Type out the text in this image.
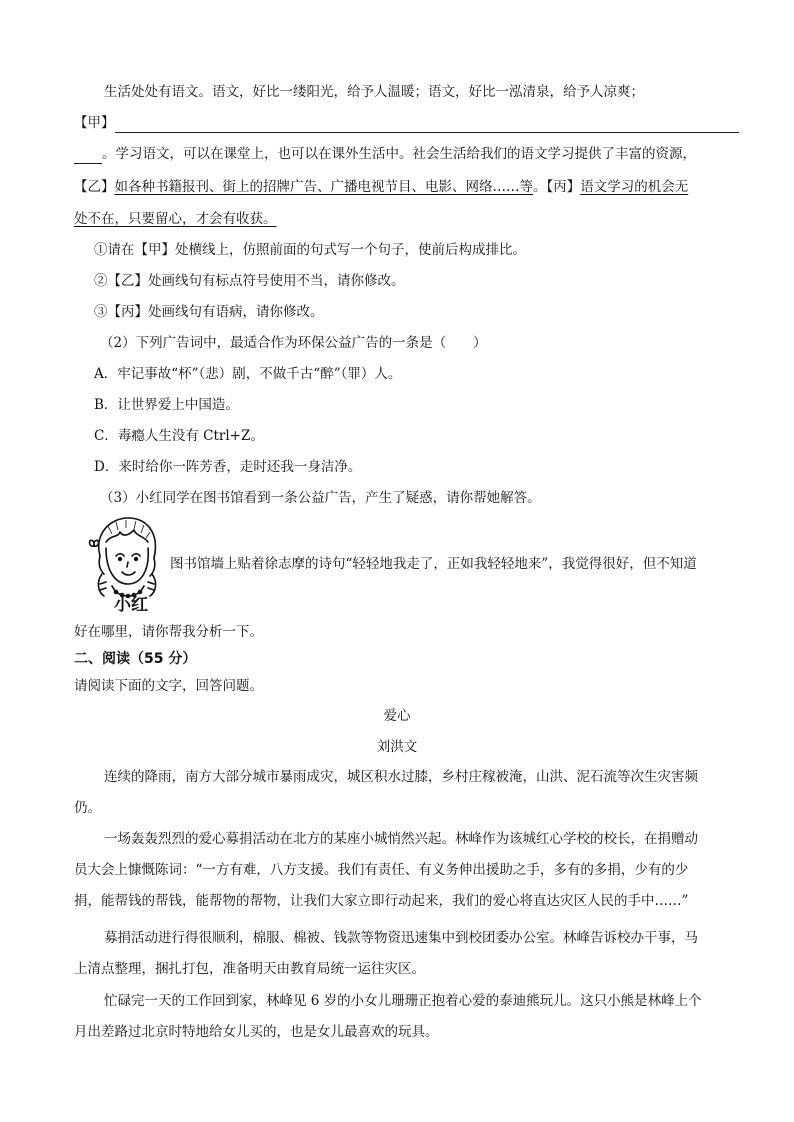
生活处处有语文。语文，好比一缕阳光，给予人温暖；语文，好比一泓清泉，给予人凉爽；
【甲】
。学习语文，可以在课堂上，也可以在课外生活中。社会生活给我们的语文学习提供了丰富的资源，
【乙】如各种书籍报刊、街上的招牌广告、广播电视节目、电影、网络……等。【丙】语文学习的机会无
处不在，只要留心，才会有收获。
①请在【甲】处横线上，仿照前面的句式写一个句子，使前后构成排比。
②【乙】处画线句有标点符号使用不当，请你修改。
③【丙】处画线句有语病，请你修改。
（2）下列广告词中，最适合作为环保公益广告的一条是（　　）
A．牢记事故“杯”（悲）剧，不做千古“醉”（罪）人。
B．让世界爱上中国造。
C．毒瘾人生没有 Ctrl+Z。
D．来时给你一阵芳香，走时还我一身洁净。
（3）小红同学在图书馆看到一条公益广告，产生了疑惑，请你帮她解答。
小红
图书馆墙上贴着徐志摩的诗句“轻轻地我走了，正如我轻轻地来”，我觉得很好，但不知道
好在哪里，请你帮我分析一下。
二、阅读（55 分）
请阅读下面的文字，回答问题。
爱心
刘洪文
连续的降雨，南方大部分城市暴雨成灾，城区积水过膝，乡村庄稼被淹，山洪、泥石流等次生灾害频
仍。
一场轰轰烈烈的爱心募捐活动在北方的某座小城悄然兴起。林峰作为该城红心学校的校长，在捐赠动
员大会上慷慨陈词：“一方有难，八方支援。我们有责任、有义务伸出援助之手，多有的多捐，少有的少
捐，能帮钱的帮钱，能帮物的帮物，让我们大家立即行动起来，我们的爱心将直达灾区人民的手中……”
募捐活动进行得很顺利，棉服、棉被、钱款等物资迅速集中到校团委办公室。林峰告诉校办干事，马
上清点整理，捆扎打包，准备明天由教育局统一运往灾区。
忙碌完一天的工作回到家，林峰见 6 岁的小女儿珊珊正抱着心爱的泰迪熊玩儿。这只小熊是林峰上个
月出差路过北京时特地给女儿买的，也是女儿最喜欢的玩具。
